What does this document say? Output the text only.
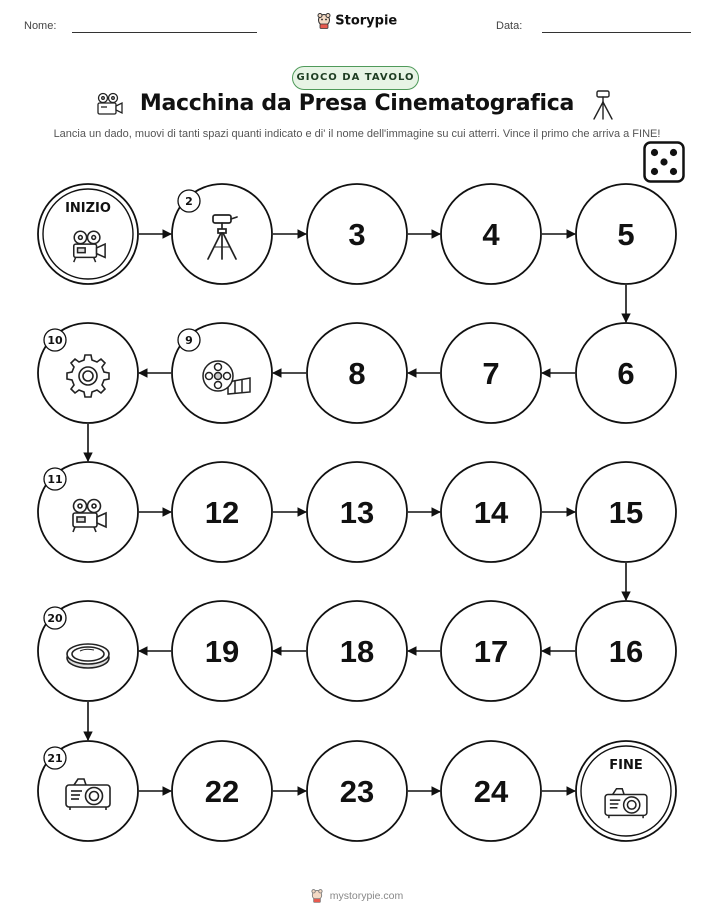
Nome:	Storypie	Data:
GIOCO DA TAVOLO
Macchina da Presa Cinematografica
Lancia un dado, muovi di tanti spazi quanti indicato e di' il nome dell'immagine su cui atterri. Vince il primo che arriva a FINE!
INIZIO	2
3	4	5
6
7
8
9
10
11
12	13	14	15
16
17
18
19
20
21
22	23	24
FINE
mystorypie.com
